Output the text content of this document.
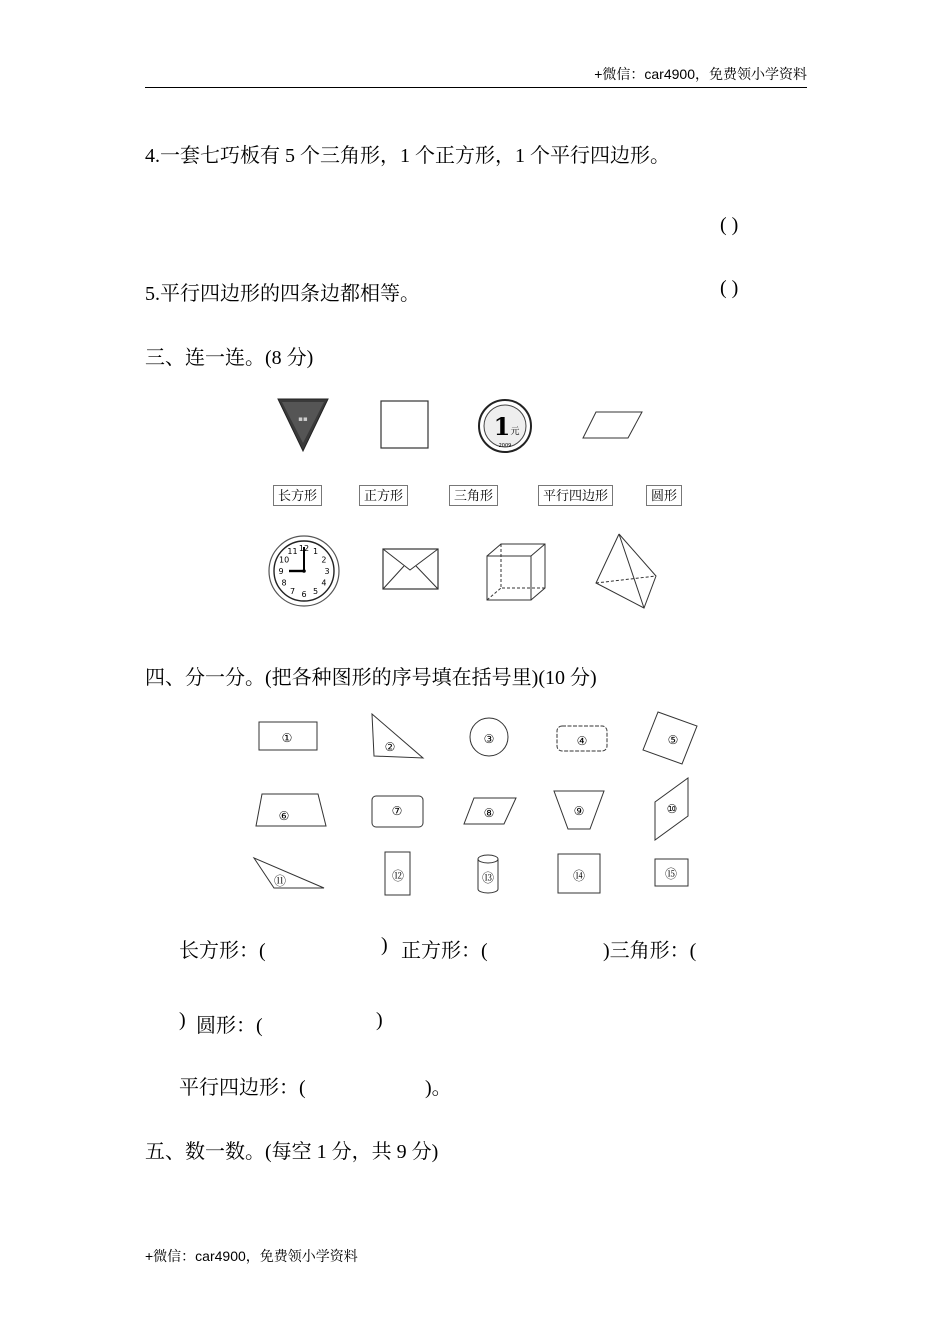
+微信：car4900，免费领小学资料
4.一套七巧板有 5 个三角形，1 个正方形，1 个平行四边形。
( )
5.平行四边形的四条边都相等。	( )
三、连一连。(8 分)
▪▪	1 元
2009
长方形	正方形	三角形	平行四边形	圆形
12 1
2
3
4
5
6
7
8
9
10
11
四、分一分。(把各种图形的序号填在括号里)(10 分)
①
②
③	④	⑤
⑥	⑦	⑧	⑨	⑩
⑪	⑫	⑬	⑭	⑮
长方形：(	) 正方形：(	)三角形：(
) 圆形：(	)
平行四边形：(	)。
五、数一数。(每空 1 分，共 9 分)
+微信：car4900，免费领小学资料
